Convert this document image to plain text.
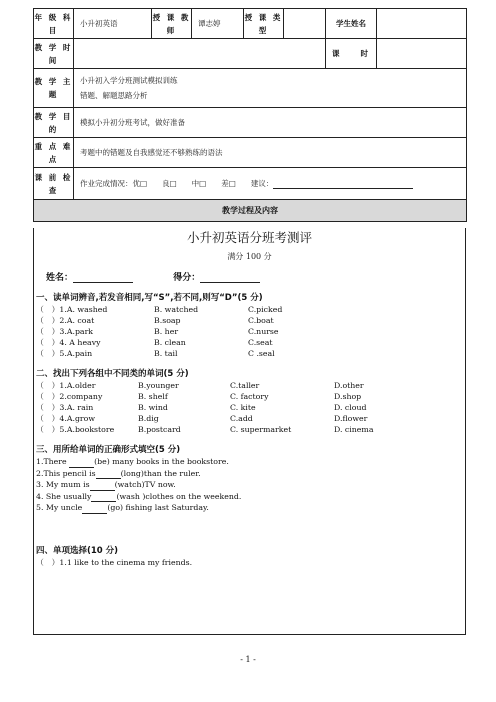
年 级 科 目	小升初英语	授 课 教 师	谭志婷	授 课 类 型		学生姓名	
教 学 时 间						课　　时	
教 学 主 题	小升初入学分班测试模拟训练
错题、解题思路分析						

教 学 目 的	模拟小升初分班考试，做好准备						
重 点 难 点	考题中的错题及自我感觉还不够熟练的语法						
课 前 检 查	作业完成情况：优□　　良□　　中□　　差□　　建议：						
教学过程及内容							
小升初英语分班考测评
满分 100 分
姓名：	得分：
一、读单词辨音,若发音相同,写“S”,若不同,则写“D”(5 分)
（　）1.A. washed	B. watched	C.picked
（　）2.A. coat	B.soap	C.boat
（　）3.A.park	B. her	C.nurse
（　）4. A heavy	B. clean	C.seat
（　）5.A.pain	B. tail	C .seal
二、找出下列各组中不同类的单词(5 分)
（　）1.A.older	B.younger	C.taller	D.other
（　）2.company	B. shelf	C. factory	D.shop
（　）3.A. rain	B. wind	C. kite	D. cloud
（　）4.A.grow	B.dig	C.add	D.flower
（　）5.A.bookstore	B.postcard	C. supermarket	D. cinema
三、用所给单词的正确形式填空(5 分)
1.There	(be) many books in the bookstore.
2.This pencil is	(long)than the ruler.
3. My mum is	(watch)TV now.
4. She usually	(wash )clothes on the weekend.
5. My uncle	(go) fishing last Saturday.
四、单项选择(10 分)
（　）1.1 like to the cinema my friends.
- 1 -
